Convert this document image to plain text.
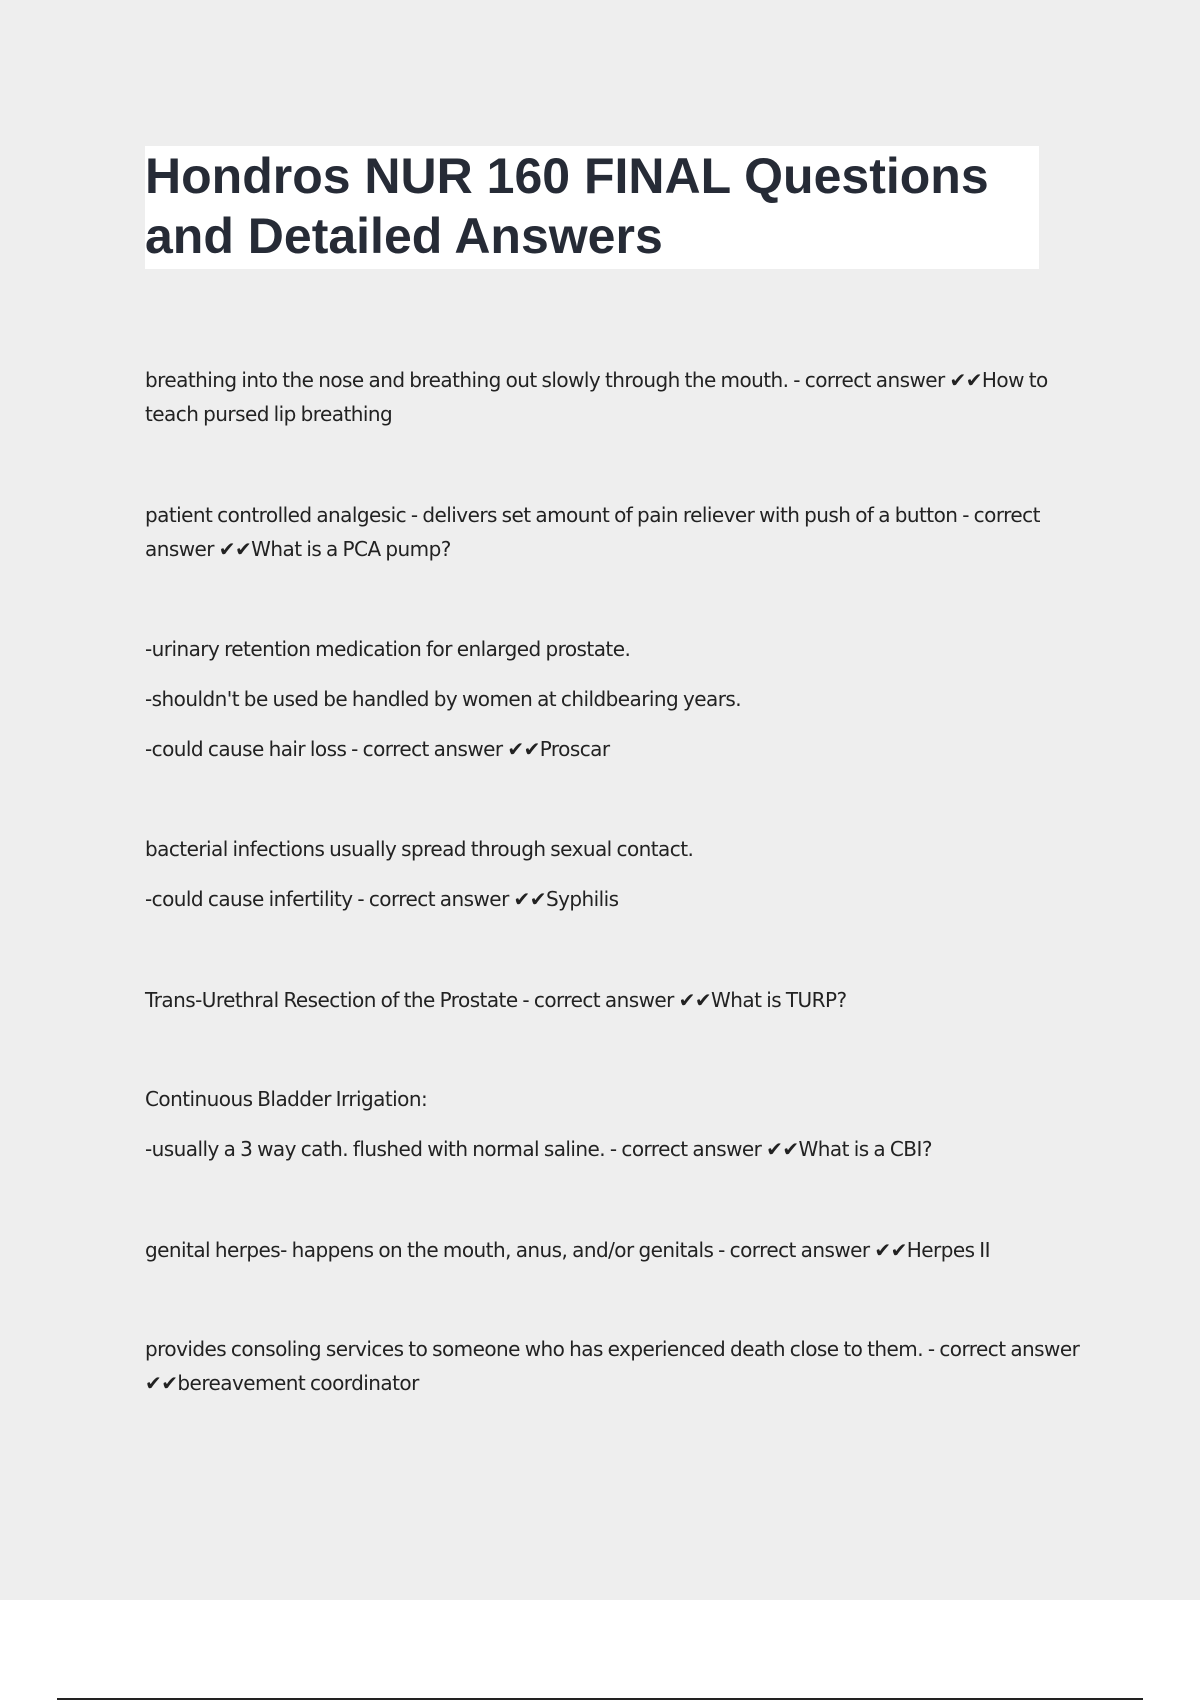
Hondros NUR 160 FINAL Questions and Detailed Answers

breathing into the nose and breathing out slowly through the mouth. - correct answer ✔✔How to teach pursed lip breathing

patient controlled analgesic - delivers set amount of pain reliever with push of a button - correct answer ✔✔What is a PCA pump?

-urinary retention medication for enlarged prostate.

-shouldn't be used be handled by women at childbearing years.

-could cause hair loss - correct answer ✔✔Proscar

bacterial infections usually spread through sexual contact.

-could cause infertility - correct answer ✔✔Syphilis

Trans-Urethral Resection of the Prostate - correct answer ✔✔What is TURP?

Continuous Bladder Irrigation:

-usually a 3 way cath. flushed with normal saline. - correct answer ✔✔What is a CBI?

genital herpes- happens on the mouth, anus, and/or genitals - correct answer ✔✔Herpes II

provides consoling services to someone who has experienced death close to them. - correct answer ✔✔bereavement coordinator
